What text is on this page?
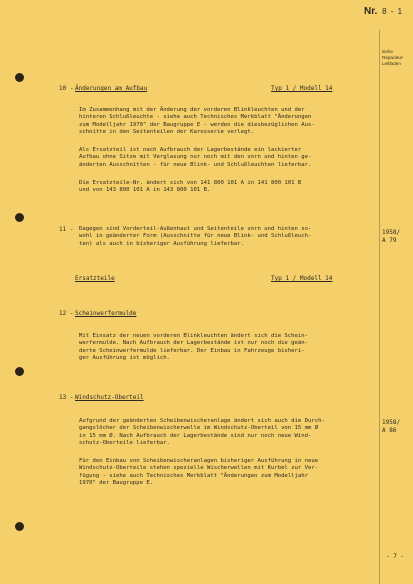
Nr. 8 - 1
siehe
Reparatur-
Leitfaden
10 - Änderungen am Aufbau	Typ 1 / Modell 14
Im Zusammenhang mit der Änderung der vorderen Blinkleuchten und der
hinteren Schlußleuchte - siehe auch Technisches Merkblatt "Änderungen
zum Modelljahr 1970" der Baugruppe E - werden die diesbezüglichen Aus-
schnitte in den Seitenteilen der Karosserie verlegt.
Als Ersatzteil ist nach Aufbrauch der Lagerbestände ein lackierter
Aufbau ohne Sitze mit Verglasung nur noch mit den vorn und hinten ge-
änderten Ausschnitten - für neue Blink- und Schlußleuchten lieferbar.
Die Ersatzteile-Nr. ändert sich von 141 800 101 A in 141 800 101 B
und von 143 800 101 A in 143 800 101 B.
11 - Dagegen sind Vorderteil-Außenhaut und Seitenteile vorn und hinten so-
wohl in geänderter Form (Ausschnitte für neue Blink- und Schlußleuch-
ten) als auch in bisheriger Ausführung lieferbar.
1958/
A 79
Ersatzteile	Typ 1 / Modell 14
12 - Scheinwerfermulde
Mit Einsatz der neuen vorderen Blinkleuchten ändert sich die Schein-
werfermulde. Nach Aufbrauch der Lagerbestände ist nur noch die geän-
derte Scheinwerfermulde lieferbar. Der Einbau in Fahrzeuge bisheri-
ger Ausführung ist möglich.
13 - Windschutz-Oberteil
Aufgrund der geänderten Scheibenwischeranlage ändert sich auch die Durch-
gangslöcher der Scheibenwischerwelle im Windschutz-Oberteil von 15 mm Ø
in 15 mm Ø. Nach Aufbrauch der Lagerbestände sind nur noch neue Wind-
schutz-Oberteile lieferbar.
1958/
A 86
Für den Einbau von Scheibenwischeranlagen bisheriger Ausführung in neue
Windschutz-Oberteile stehen spezielle Wischerwellen mit Kurbel zur Ver-
fügung - siehe auch Technisches Merkblatt "Änderungen zum Modelljahr
1970" der Baugruppe E.
- 7 -
